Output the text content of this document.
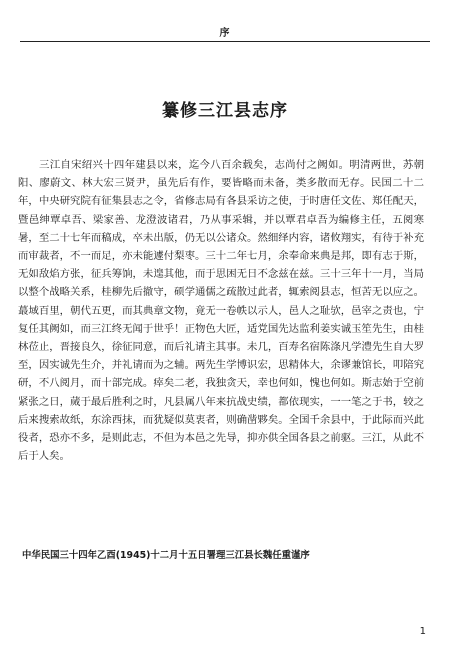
序
纂修三江县志序

三江自宋绍兴十四年建县以来，迄今八百余载矣，志尚付之阙如。明清两世，苏朝阳、廖蔚文、林大宏三贤尹，虽先后有作，要皆略而未备，类多散而无存。民国二十二年，中央研究院有征集县志之令，省修志局有各县采访之使，于时唐任文佐、郑任配天，暨邑绅覃卓吾、梁家善、龙澄波诸君，乃从事采辑，并以覃君卓吾为编修主任，五阅寒暑，至二十七年而稿成，卒未出版，仍无以公诸众。然细绎内容，诸攸翔实，有待于补充而审裁者，不一而足，亦未能遽付梨枣。三十二年七月，余奉命来典是邦，即有志于斯，无如敌焰方张，征兵筹饷，未遑其他，而于思困无日不念兹在兹。三十三年十一月，当局以整个战略关系，桂柳先后撤守，硕学通儒之疏散过此者，辄索阅县志，恒苦无以应之。蕞域百里，朝代五更，而其典章文物，竟无一卷帙以示人，邑人之耻欤，邑宰之责也，宁复任其阙如，而三江终无闻于世乎！正物色大匠，适党国先达监利姜实诚玉笙先生，由桂林莅止，晋接良久，徐征同意，而后礼请主其事。未几，百寿名宿陈涤凡学澧先生自大罗至，因实诚先生介，并礼请而为之辅。两先生学博识宏，思精体大，余谬兼馆长，叩陪究研，不八阅月，而十部完成。瘁矣二老，我独贪天，幸也何如，愧也何如。斯志始于空前紧张之日，蒇于最后胜利之时，凡县属八年来抗战史绩，都依现实，一一笔之于书，较之后来搜索故纸，东涂西抹，而犹疑似莫衷者，则确凿夥矣。全国千余县中，于此际而兴此役者，恐亦不多，是则此志，不但为本邑之先导，抑亦供全国各县之前驱。三江，从此不后于人矣。

中华民国三十四年乙酉(1945)十二月十五日署理三江县长魏任重谨序
1
